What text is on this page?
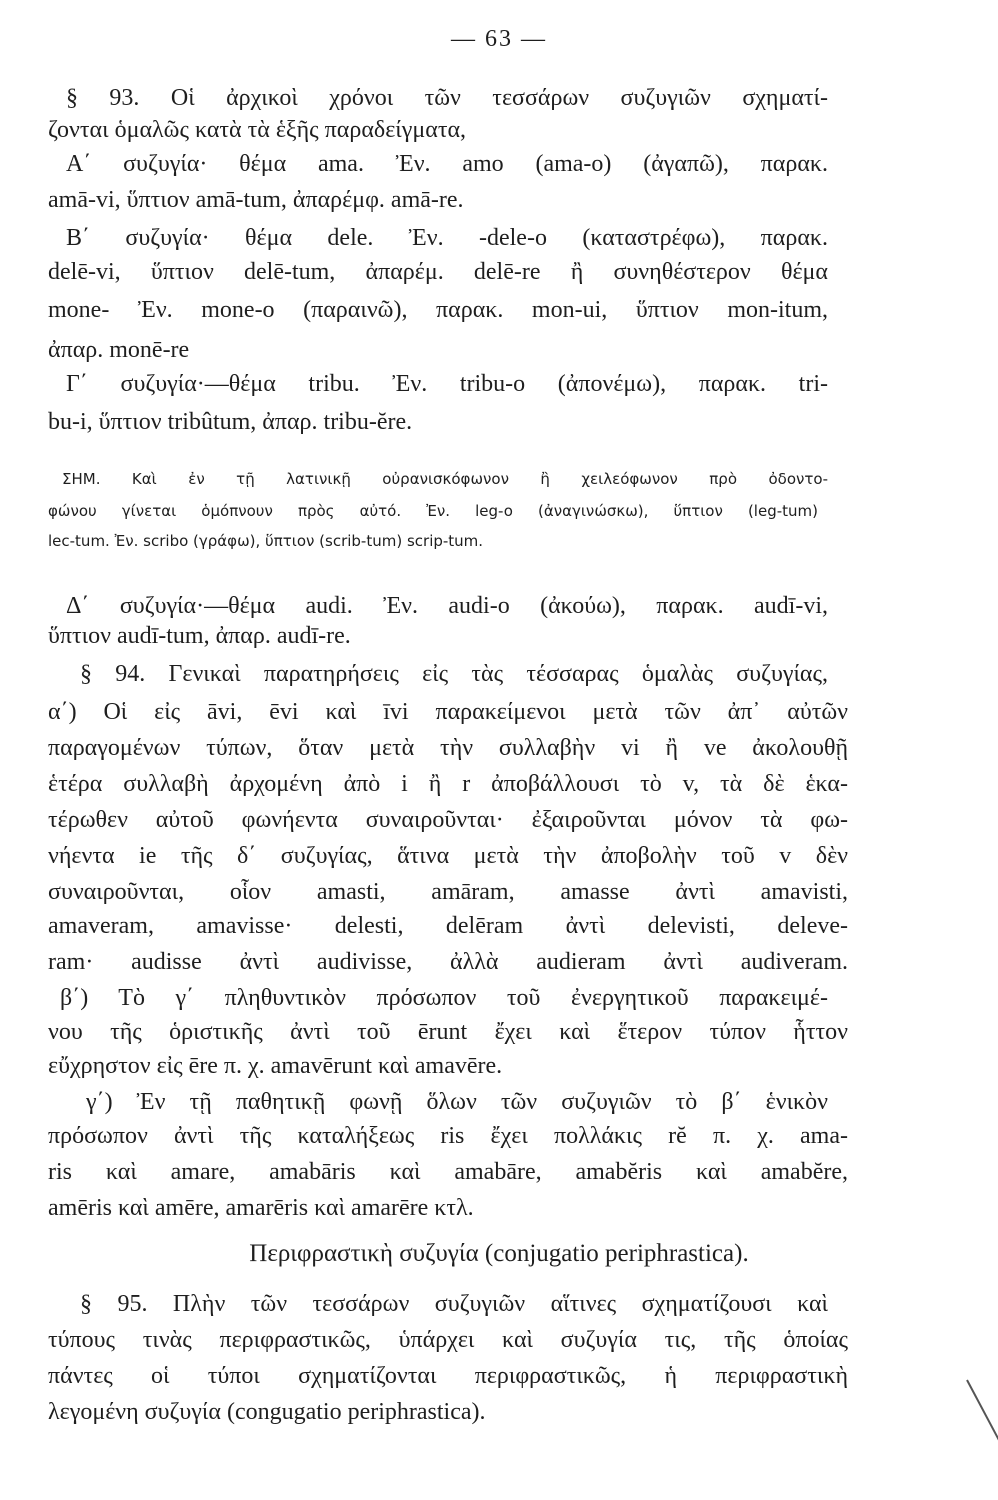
— 63 —
§ 93. Οἱ ἀρχικοὶ χρόνοι τῶν τεσσάρων συζυγιῶν σχηματί-
ζονται ὁμαλῶς κατὰ τὰ ἑξῆς παραδείγματα,
Α΄ συζυγία· θέμα ama. Ἐν. amo (ama-o) (ἀγαπῶ), παρακ.
amā-vi, ὕπτιον amā-tum, ἀπαρέμφ. amā-re.
Β΄ συζυγία· θέμα dele. Ἐν. -dele-o (καταστρέφω), παρακ.
delē-vi, ὕπτιον delē-tum, ἀπαρέμ. delē-re ἢ συνηθέστερον θέμα
mone- Ἐν. mone-o (παραινῶ), παρακ. mon-ui, ὕπτιον mon-itum,
ἀπαρ. monē-re
Γ΄ συζυγία·—θέμα tribu. Ἐν. tribu-o (ἀπονέμω), παρακ. tri-
bu-i, ὕπτιον tribûtum, ἀπαρ. tribu-ĕre.
ΣΗΜ. Καὶ ἐν τῇ λατινικῇ οὐρανισκόφωνον ἢ χειλεόφωνον πρὸ ὀδοντο-
φώνου γίνεται ὁμόπνουν πρὸς αὐτό. Ἐν. leg-o (ἀναγινώσκω), ὕπτιον (leg-tum)
lec-tum. Ἐν. scribo (γράφω), ὕπτιον (scrib-tum) scrip-tum.
Δ΄ συζυγία·—θέμα audi. Ἐν. audi-o (ἀκούω), παρακ. audī-vi,
ὕπτιον audī-tum, ἀπαρ. audī-re.
§ 94. Γενικαὶ παρατηρήσεις εἰς τὰς τέσσαρας ὁμαλὰς συζυγίας,
α΄) Οἱ εἰς āvi, ēvi καὶ īvi παρακείμενοι μετὰ τῶν ἀπ᾽ αὐτῶν
παραγομένων τύπων, ὅταν μετὰ τὴν συλλαβὴν vi ἢ ve ἀκολουθῇ
ἑτέρα συλλαβὴ ἀρχομένη ἀπὸ i ἢ r ἀποβάλλουσι τὸ v, τὰ δὲ ἑκα-
τέρωθεν αὐτοῦ φωνήεντα συναιροῦνται· ἐξαιροῦνται μόνον τὰ φω-
νήεντα ie τῆς δ΄ συζυγίας, ἅτινα μετὰ τὴν ἀποβολὴν τοῦ v δὲν
συναιροῦνται, οἷον amasti, amāram, amasse ἀντὶ amavisti,
amaveram, amavisse· delesti, delēram ἀντὶ delevisti, deleve-
ram· audisse ἀντὶ audivisse, ἀλλὰ audieram ἀντὶ audiveram.
β΄) Τὸ γ΄ πληθυντικὸν πρόσωπον τοῦ ἐνεργητικοῦ παρακειμέ-
νου τῆς ὁριστικῆς ἀντὶ τοῦ ērunt ἔχει καὶ ἕτερον τύπον ἧττον
εὔχρηστον εἰς ēre π. χ. amavērunt καὶ amavēre.
γ΄) Ἐν τῇ παθητικῇ φωνῇ ὅλων τῶν συζυγιῶν τὸ β΄ ἑνικὸν
πρόσωπον ἀντὶ τῆς καταλήξεως ris ἔχει πολλάκις rĕ π. χ. ama-
ris καὶ amare, amabāris καὶ amabāre, amabĕris καὶ amabĕre,
amēris καὶ amēre, amarēris καὶ amarēre κτλ.
Περιφραστικὴ συζυγία (conjugatio periphrastica).
§ 95. Πλὴν τῶν τεσσάρων συζυγιῶν αἵτινες σχηματίζουσι καὶ
τύπους τινὰς περιφραστικῶς, ὑπάρχει καὶ συζυγία τις, τῆς ὁποίας
πάντες οἱ τύποι σχηματίζονται περιφραστικῶς, ἡ περιφραστικὴ
λεγομένη συζυγία (congugatio periphrastica).
